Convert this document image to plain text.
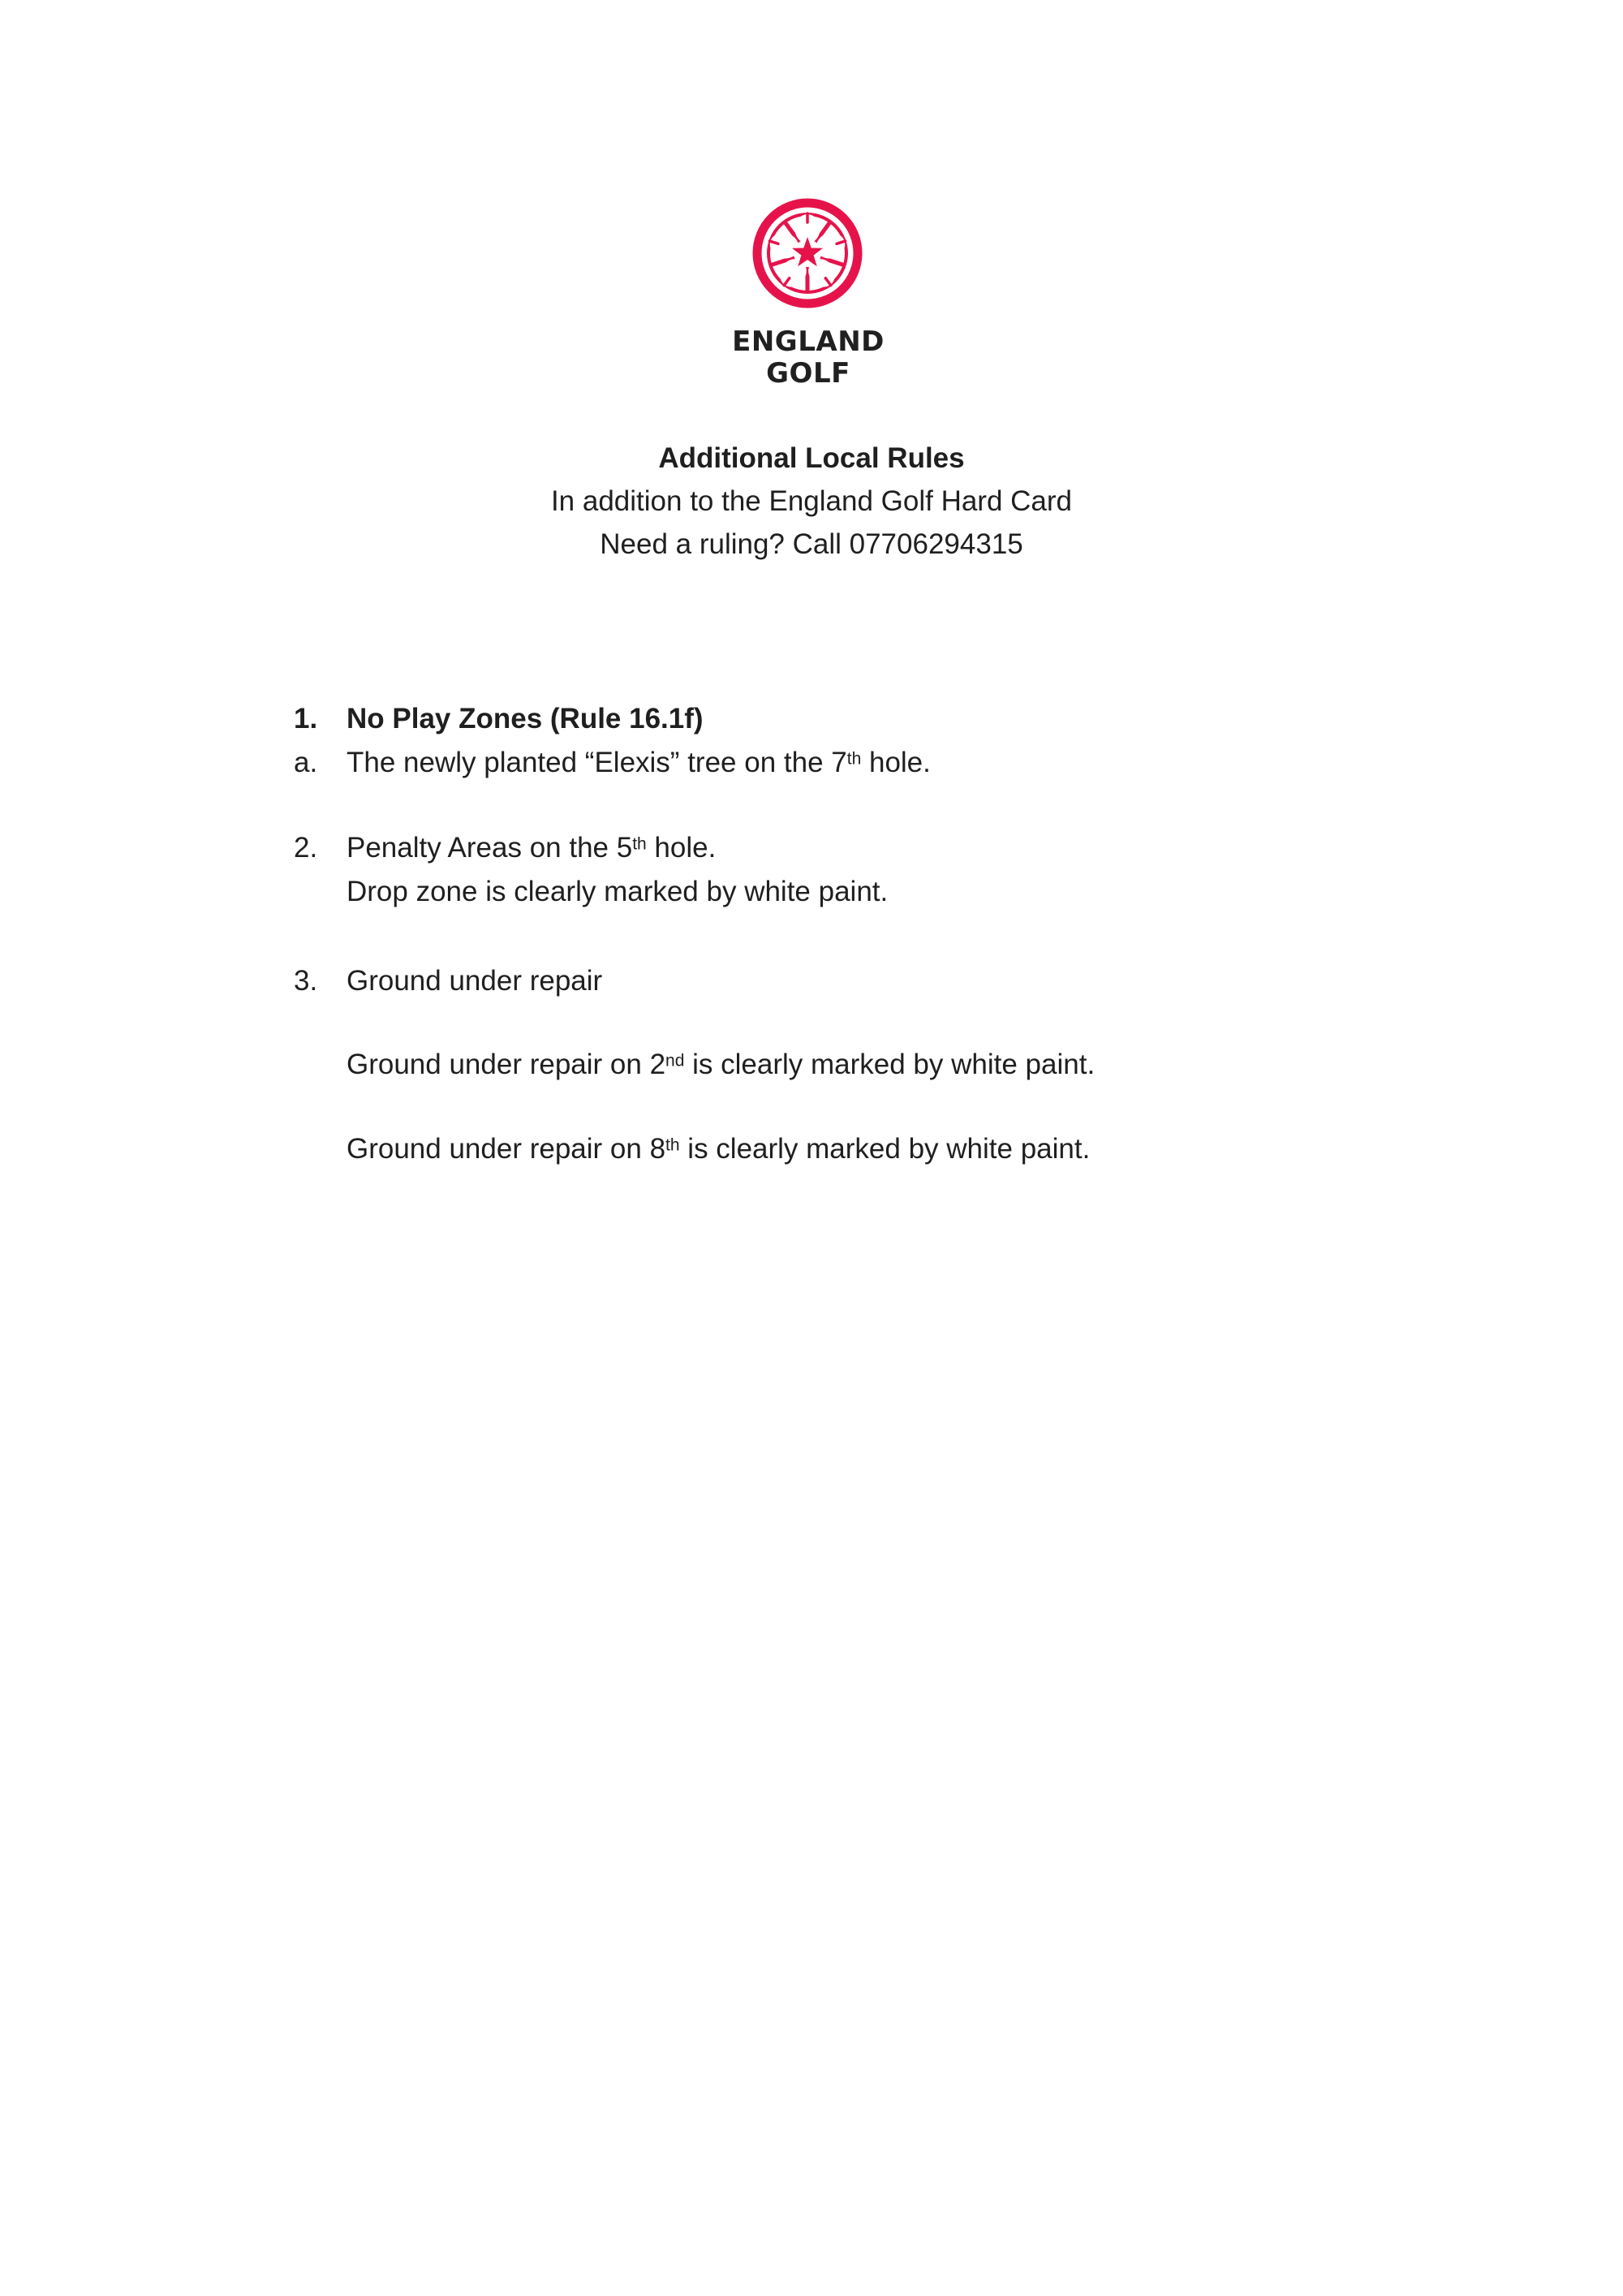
ENGLAND
GOLF
Additional Local Rules
In addition to the England Golf Hard Card
Need a ruling? Call 07706294315
1. No Play Zones (Rule 16.1f)
a. The newly planted “Elexis” tree on the 7th hole.
2. Penalty Areas on the 5th hole.
Drop zone is clearly marked by white paint.
3. Ground under repair
Ground under repair on 2nd is clearly marked by white paint.
Ground under repair on 8th is clearly marked by white paint.
